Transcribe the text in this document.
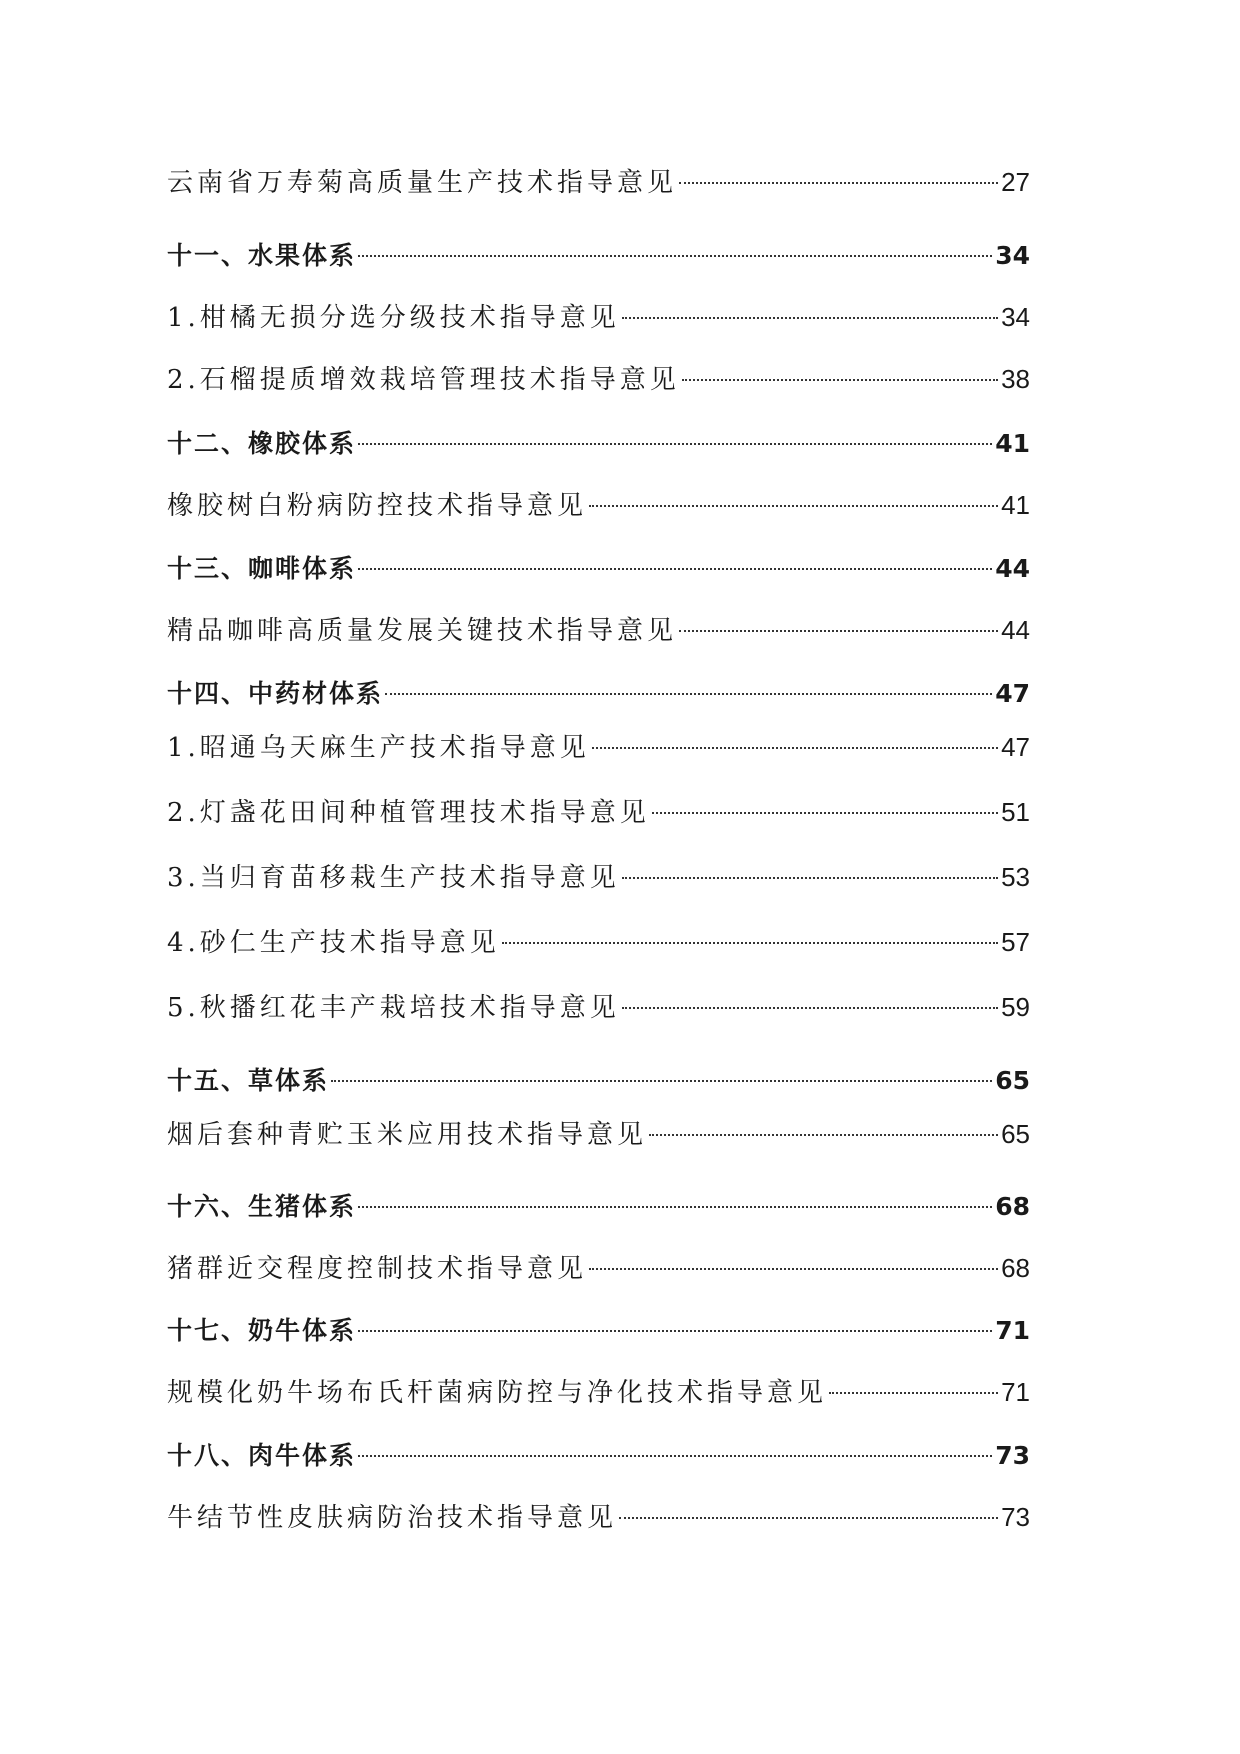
云南省万寿菊高质量生产技术指导意见	27
十一、水果体系	34
1.柑橘无损分选分级技术指导意见	34
2.石榴提质增效栽培管理技术指导意见	38
十二、橡胶体系	41
橡胶树白粉病防控技术指导意见	41
十三、咖啡体系	44
精品咖啡高质量发展关键技术指导意见	44
十四、中药材体系	47
1.昭通乌天麻生产技术指导意见	47
2.灯盏花田间种植管理技术指导意见	51
3.当归育苗移栽生产技术指导意见	53
4.砂仁生产技术指导意见	57
5.秋播红花丰产栽培技术指导意见	59
十五、草体系	65
烟后套种青贮玉米应用技术指导意见	65
十六、生猪体系	68
猪群近交程度控制技术指导意见	68
十七、奶牛体系	71
规模化奶牛场布氏杆菌病防控与净化技术指导意见	71
十八、肉牛体系	73
牛结节性皮肤病防治技术指导意见	73
